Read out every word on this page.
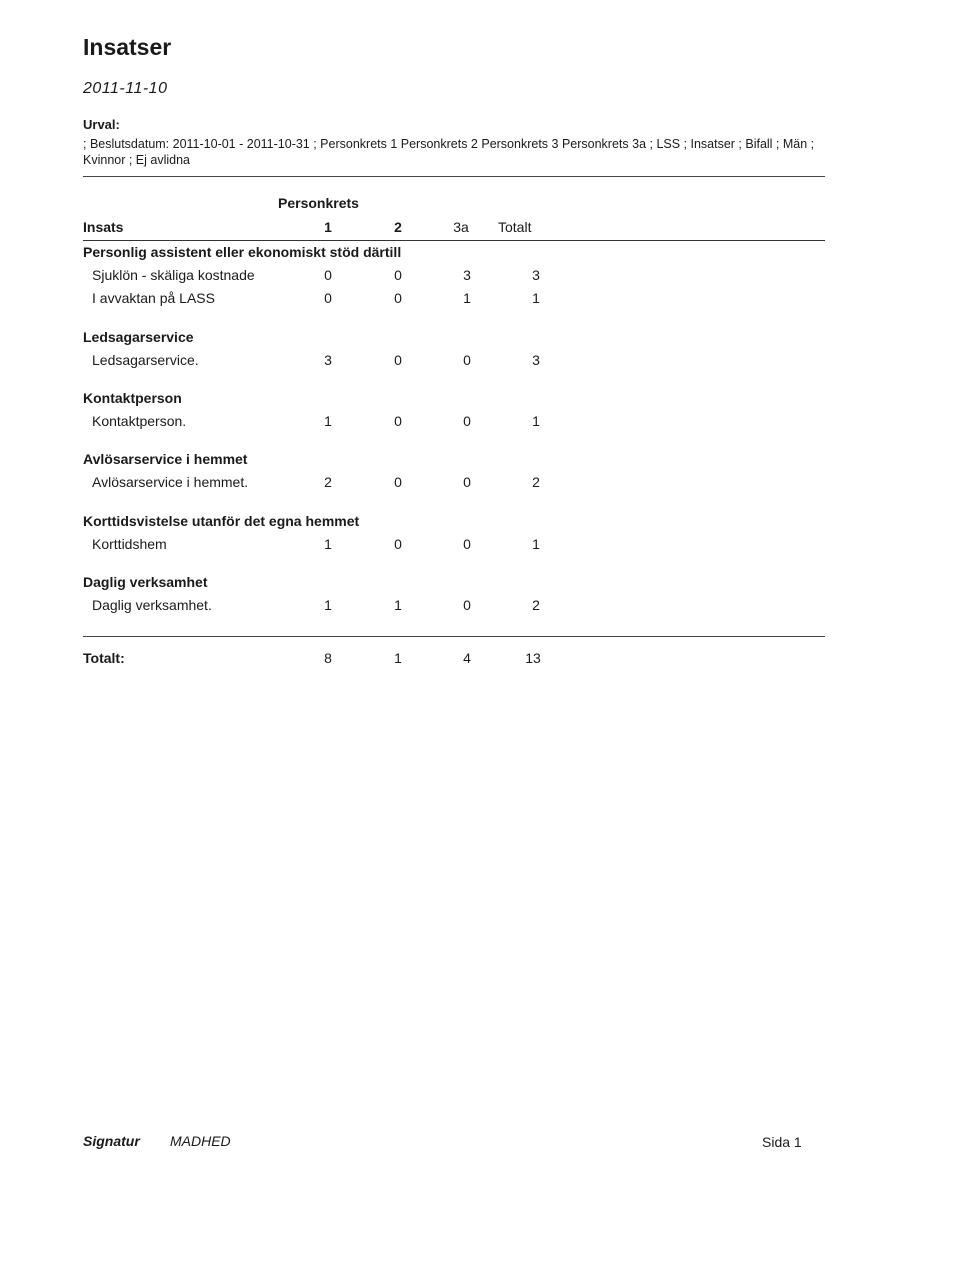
Insatser
2011-11-10
Urval:
; Beslutsdatum: 2011-10-01 - 2011-10-31 ; Personkrets 1 Personkrets 2 Personkrets 3 Personkrets 3a ; LSS ; Insatser ; Bifall ; Män ; Kvinnor ; Ej avlidna
Personkrets
Insats	1	2	3a	Totalt
Personlig assistent eller ekonomiskt stöd därtill
Sjuklön - skäliga kostnade	0	0	3	3
I avvaktan på LASS	0	0	1	1
Ledsagarservice
Ledsagarservice.	3	0	0	3
Kontaktperson
Kontaktperson.	1	0	0	1
Avlösarservice i hemmet
Avlösarservice i hemmet.	2	0	0	2
Korttidsvistelse utanför det egna hemmet
Korttidshem	1	0	0	1
Daglig verksamhet
Daglig verksamhet.	1	1	0	2
Totalt:	8	1	4	13
Signatur MADHED	Sida 1
